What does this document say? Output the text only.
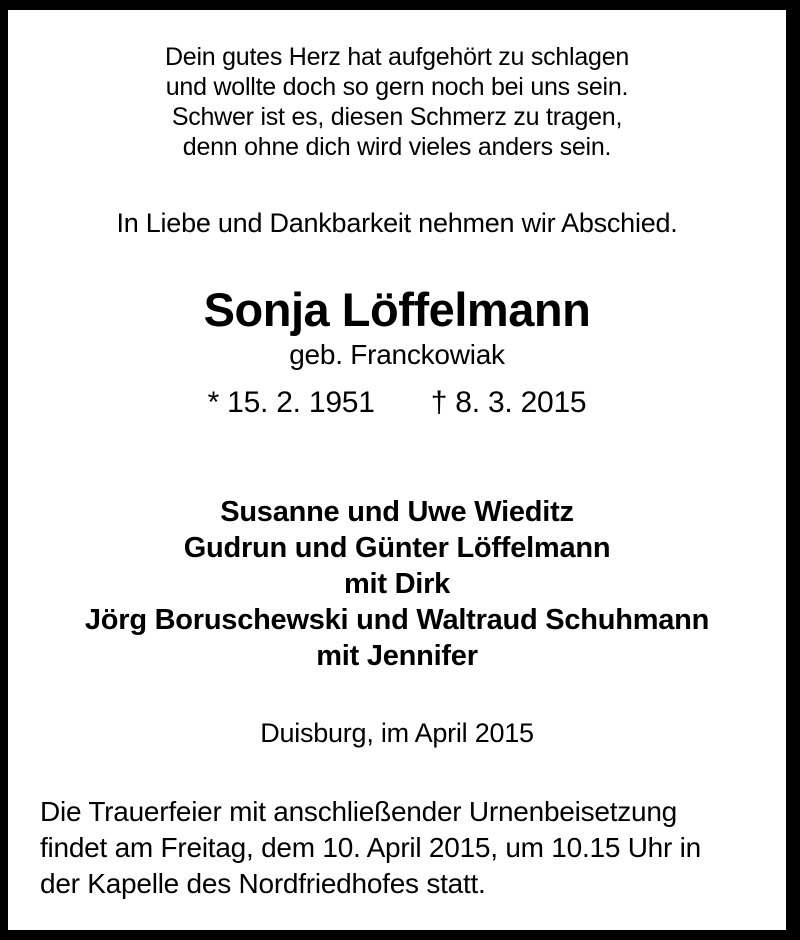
Dein gutes Herz hat aufgehört zu schlagen
und wollte doch so gern noch bei uns sein.
Schwer ist es, diesen Schmerz zu tragen,
denn ohne dich wird vieles anders sein.
In Liebe und Dankbarkeit nehmen wir Abschied.
Sonja Löffelmann
geb. Franckowiak
* 15. 2. 1951 † 8. 3. 2015
Susanne und Uwe Wieditz
Gudrun und Günter Löffelmann
mit Dirk
Jörg Boruschewski und Waltraud Schuhmann
mit Jennifer
Duisburg, im April 2015
Die Trauerfeier mit anschließender Urnenbeisetzung
findet am Freitag, dem 10. April 2015, um 10.15 Uhr in
der Kapelle des Nordfriedhofes statt.
